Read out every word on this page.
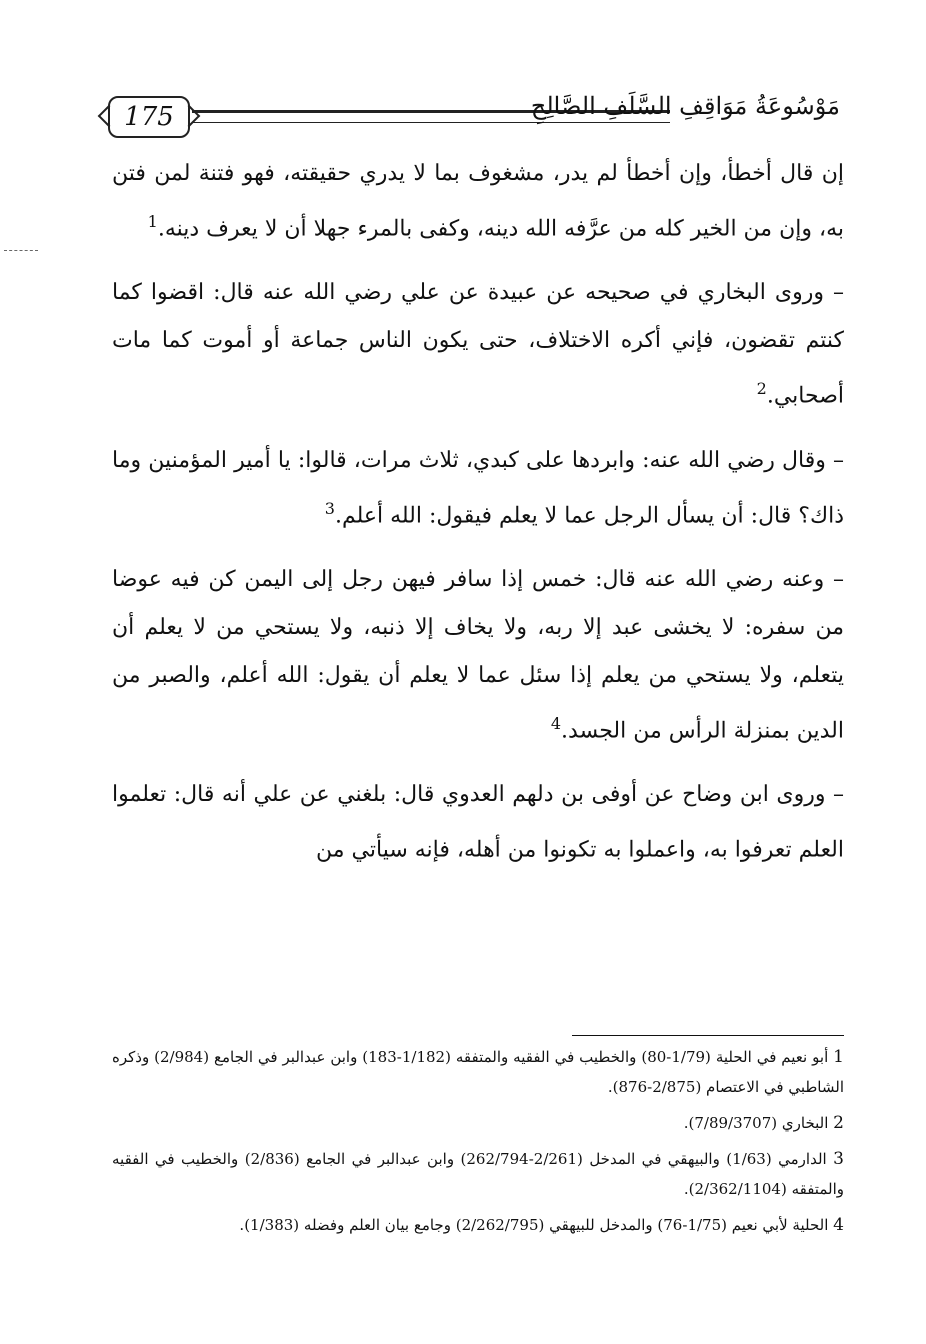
175	مَوْسُوعَةُ مَوَاقِفِ السَّلَفِ الصَّالِحِ

إن قال أخطأ، وإن أخطأ لم يدر، مشغوف بما لا يدري حقيقته، فهو فتنة لمن فتن به، وإن من الخير كله من عرَّفه الله دينه، وكفى بالمرء جهلا أن لا يعرف دينه.$^1$

– وروى البخاري في صحيحه عن عبيدة عن علي رضي الله عنه قال: اقضوا كما كنتم تقضون، فإني أكره الاختلاف، حتى يكون الناس جماعة أو أموت كما مات أصحابي.$^2$

– وقال رضي الله عنه: وابردها على كبدي، ثلاث مرات، قالوا: يا أمير المؤمنين وما ذاك؟ قال: أن يسأل الرجل عما لا يعلم فيقول: الله أعلم.$^3$

– وعنه رضي الله عنه قال: خمس إذا سافر فيهن رجل إلى اليمن كن فيه عوضا من سفره: لا يخشى عبد إلا ربه، ولا يخاف إلا ذنبه، ولا يستحي من لا يعلم أن يتعلم، ولا يستحي من يعلم إذا سئل عما لا يعلم أن يقول: الله أعلم، والصبر من الدين بمنزلة الرأس من الجسد.$^4$

– وروى ابن وضاح عن أوفى بن دلهم العدوي قال: بلغني عن علي أنه قال: تعلموا العلم تعرفوا به، واعملوا به تكونوا من أهله، فإنه سيأتي من

1 أبو نعيم في الحلية (1/79-80) والخطيب في الفقيه والمتفقه (1/182-183) وابن عبدالبر في الجامع (2/984) وذكره الشاطبي في الاعتصام (2/875-876).

2 البخاري (7/89/3707).

3 الدارمي (1/63) والبيهقي في المدخل (2/261-262/794) وابن عبدالبر في الجامع (2/836) والخطيب في الفقيه والمتفقه (2/362/1104).

4 الحلية لأبي نعيم (1/75-76) والمدخل للبيهقي (2/262/795) وجامع بيان العلم وفضله (1/383).
